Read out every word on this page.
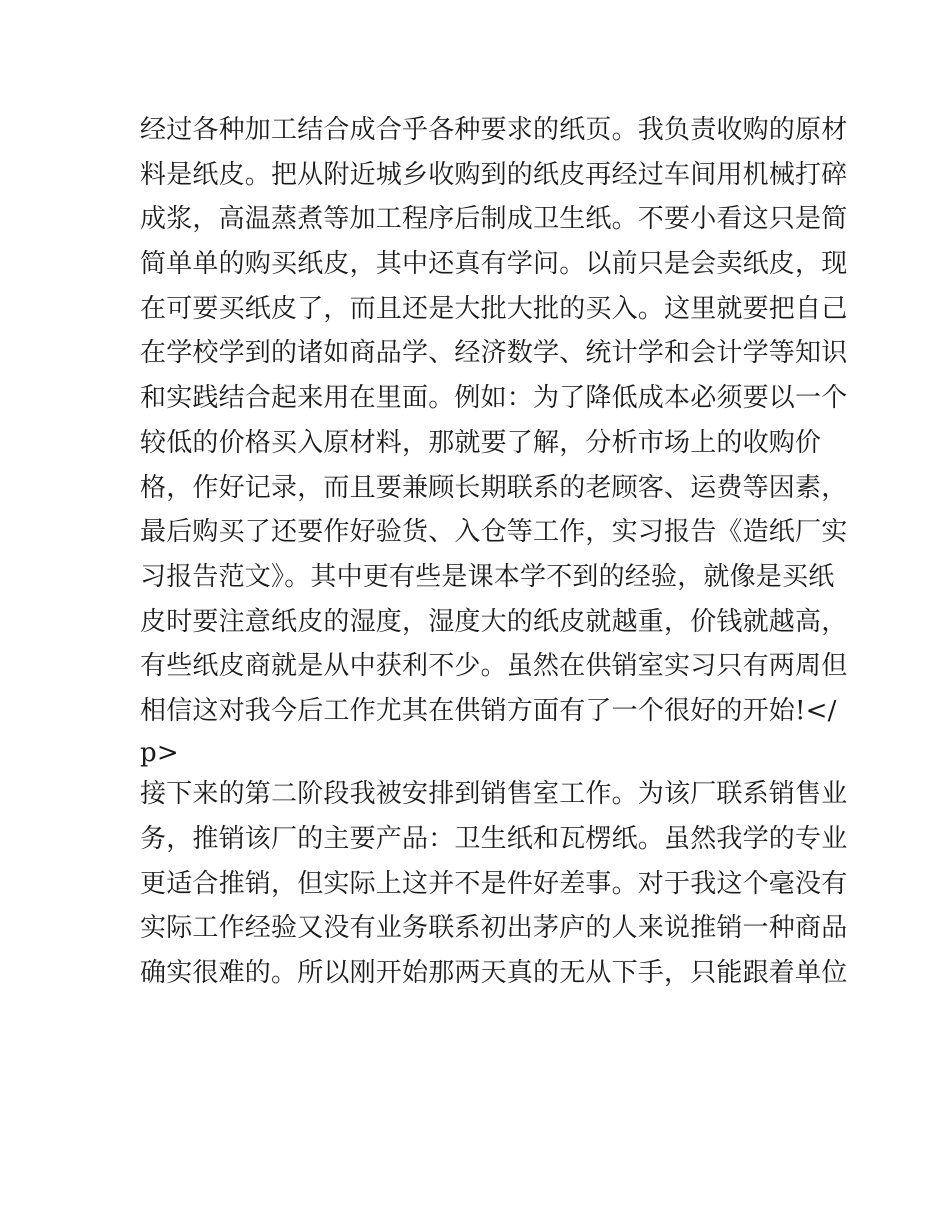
经过各种加工结合成合乎各种要求的纸页。我负责收购的原材
料是纸皮。把从附近城乡收购到的纸皮再经过车间用机械打碎
成浆，高温蒸煮等加工程序后制成卫生纸。不要小看这只是简
简单单的购买纸皮，其中还真有学问。以前只是会卖纸皮，现
在可要买纸皮了，而且还是大批大批的买入。这里就要把自己
在学校学到的诸如商品学、经济数学、统计学和会计学等知识
和实践结合起来用在里面。例如：为了降低成本必须要以一个
较低的价格买入原材料，那就要了解，分析市场上的收购价
格，作好记录，而且要兼顾长期联系的老顾客、运费等因素，
最后购买了还要作好验货、入仓等工作，实习报告《造纸厂实
习报告范文》。其中更有些是课本学不到的经验，就像是买纸
皮时要注意纸皮的湿度，湿度大的纸皮就越重，价钱就越高，
有些纸皮商就是从中获利不少。虽然在供销室实习只有两周但
相信这对我今后工作尤其在供销方面有了一个很好的开始!</
p>
接下来的第二阶段我被安排到销售室工作。为该厂联系销售业
务，推销该厂的主要产品：卫生纸和瓦楞纸。虽然我学的专业
更适合推销，但实际上这并不是件好差事。对于我这个毫没有
实际工作经验又没有业务联系初出茅庐的人来说推销一种商品
确实很难的。所以刚开始那两天真的无从下手，只能跟着单位
